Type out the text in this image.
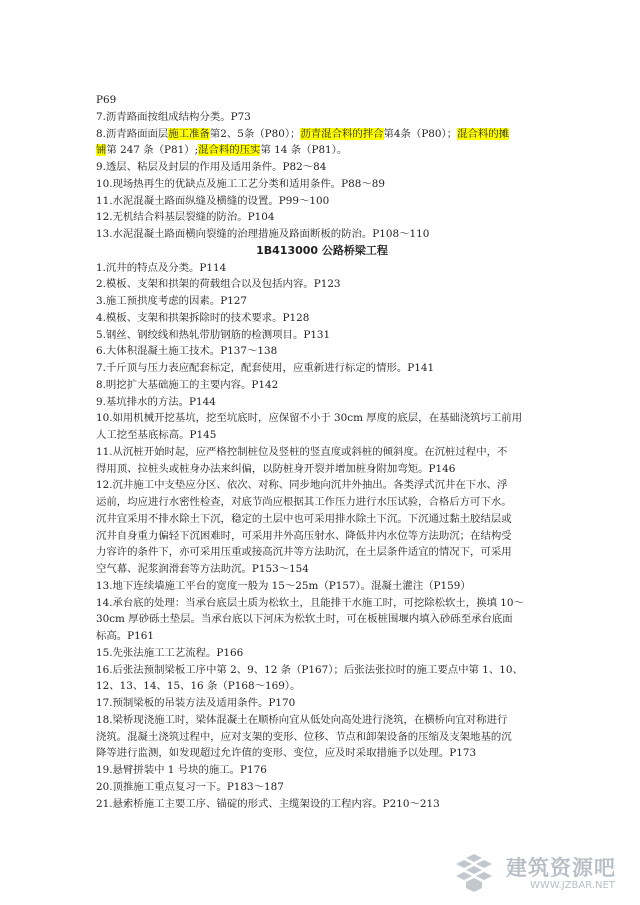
P69
7.沥青路面按组成结构分类。P73
8.沥青路面面层施工准备第2、5条（P80）；沥青混合料的拌合第4条（P80）；混合料的摊
铺第 247 条（P81）;混合料的压实第 14 条（P81）。
9.透层、粘层及封层的作用及适用条件。P82～84
10.现场热再生的优缺点及施工工艺分类和适用条件。P88～89
11.水泥混凝土路面纵缝及横缝的设置。P99～100
12.无机结合料基层裂缝的防治。P104
13.水泥混凝土路面横向裂缝的治理措施及路面断板的防治。P108～110
1B413000 公路桥梁工程
1.沉井的特点及分类。P114
2.模板、支架和拱架的荷载组合以及包括内容。P123
3.施工预拱度考虑的因素。P127
4.模板、支架和拱架拆除时的技术要求。P128
5.钢丝、钢绞线和热轧带肋钢筋的检测项目。P131
6.大体积混凝土施工技术。P137～138
7.千斤顶与压力表应配套标定，配套使用，应重新进行标定的情形。P141
8.明挖扩大基础施工的主要内容。P142
9.基坑排水的方法。P144
10.如用机械开挖基坑，挖至坑底时，应保留不小于 30cm 厚度的底层，在基础浇筑圬工前用
人工挖至基底标高。P145
11.从沉桩开始时起，应严格控制桩位及竖桩的竖直度或斜桩的倾斜度。在沉桩过程中，不
得用顶、拉桩头或桩身办法来纠偏，以防桩身开裂并增加桩身附加弯矩。P146
12.沉井施工中支垫应分区、依次、对称、同步地向沉井外抽出。各类浮式沉井在下水、浮
运前，均应进行水密性检查，对底节尚应根据其工作压力进行水压试验，合格后方可下水。
沉井宜采用不排水除土下沉，稳定的土层中也可采用排水除土下沉。下沉通过黏土胶结层或
沉井自身重力偏轻下沉困难时，可采用井外高压射水、降低井内水位等方法助沉；在结构受
力容许的条件下，亦可采用压重或接高沉井等方法助沉，在土层条件适宜的情况下，可采用
空气幕、泥浆润滑套等方法助沉。P153～154
13.地下连续墙施工平台的宽度一般为 15～25m（P157）。混凝土灌注（P159）
14.承台底的处理：当承台底层土质为松软土，且能排干水施工时，可挖除松软土，换填 10～
30cm 厚砂砾土垫层。当承台底以下河床为松软土时，可在板桩围堰内填入砂砾至承台底面
标高。P161
15.先张法施工工艺流程。P166
16.后张法预制梁板工序中第 2、9、12 条（P167）；后张法张拉时的施工要点中第 1、10、
12、13、14、15、16 条（P168～169）。
17.预制梁板的吊装方法及适用条件。P170
18.梁桥现浇施工时，梁体混凝土在顺桥向宜从低处向高处进行浇筑，在横桥向宜对称进行
浇筑。混凝土浇筑过程中，应对支架的变形、位移、节点和卸架设备的压缩及支架地基的沉
降等进行监测，如发现超过允许值的变形、变位，应及时采取措施予以处理。P173
19.悬臂拼装中 1 号块的施工。P176
20.顶推施工重点复习一下。P183～187
21.悬索桥施工主要工序、锚碇的形式、主缆架设的工程内容。P210～213
建筑资源吧
WWW.JZBAR.NET
